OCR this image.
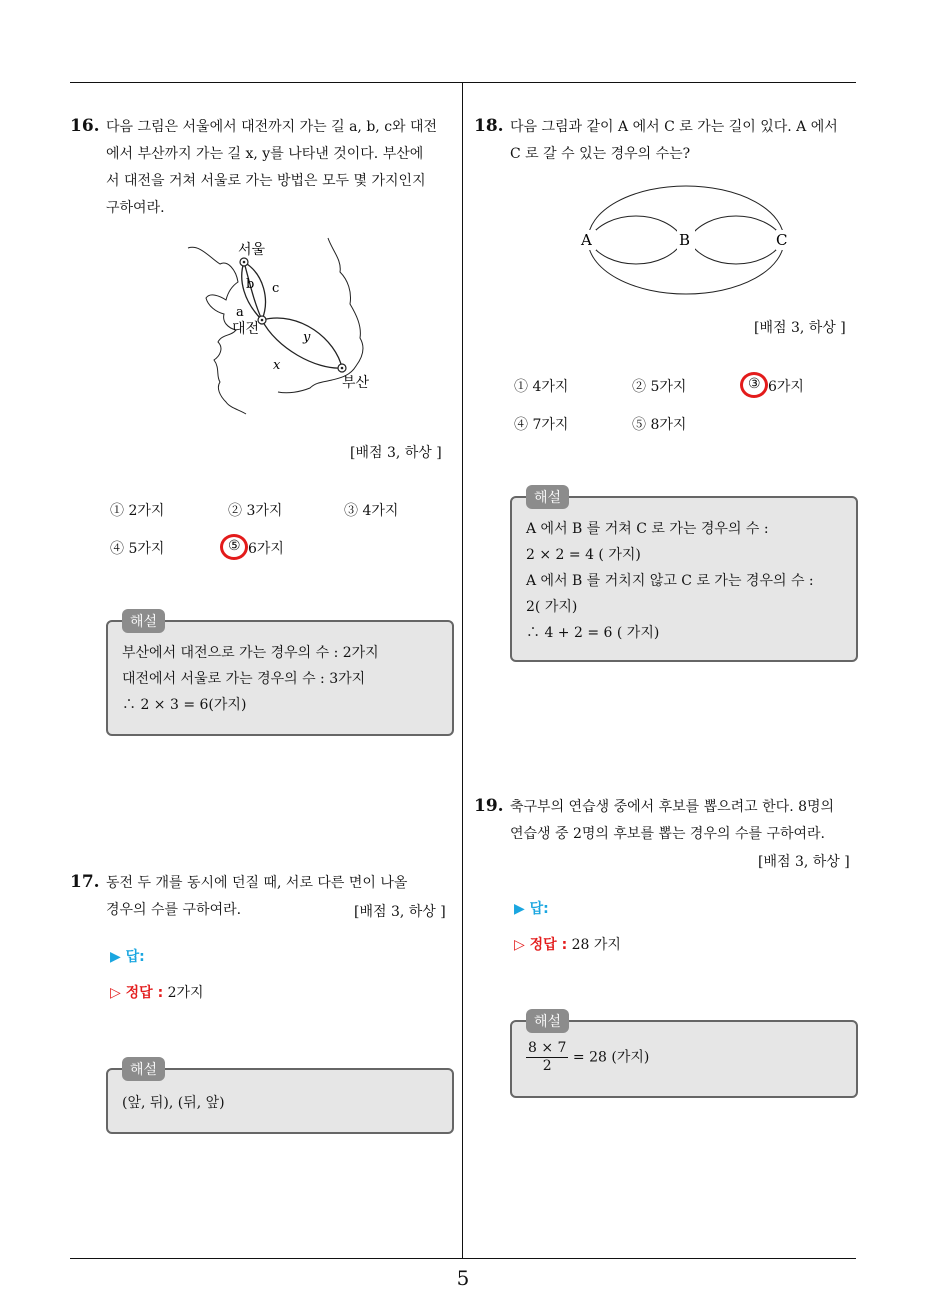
5
16. 다음 그림은 서울에서 대전까지 가는 길 a, b, c와 대전
에서 부산까지 가는 길 x, y를 나타낸 것이다. 부산에
서 대전을 거쳐 서울로 가는 방법은 모두 몇 가지인지
구하여라.
서울
대전
부산
a
b c
x
y
[배점 3, 하상 ]
① 2가지	② 3가지	③ 4가지
④ 5가지	⑤ 6가지
해설
부산에서 대전으로 가는 경우의 수 : 2가지
대전에서 서울로 가는 경우의 수 : 3가지
∴ 2 × 3 = 6(가지)
17. 동전 두 개를 동시에 던질 때, 서로 다른 면이 나올
경우의 수를 구하여라.	[배점 3, 하상 ]
▶ 답:
▷ 정답 : 2가지
해설
(앞, 뒤), (뒤, 앞)
18. 다음 그림과 같이 A 에서 C 로 가는 길이 있다. A 에서
C 로 갈 수 있는 경우의 수는?
A	B	C
[배점 3, 하상 ]
① 4가지	② 5가지	③ 6가지
④ 7가지	⑤ 8가지
해설
A 에서 B 를 거쳐 C 로 가는 경우의 수 :
2 × 2 = 4 ( 가지)
A 에서 B 를 거치지 않고 C 로 가는 경우의 수 :
2( 가지)
∴ 4 + 2 = 6 ( 가지)
19. 축구부의 연습생 중에서 후보를 뽑으려고 한다. 8명의
연습생 중 2명의 후보를 뽑는 경우의 수를 구하여라.
[배점 3, 하상 ]
▶ 답:
▷ 정답 : 28 가지
해설
$\frac{8 \times 7}{2} = 28$ (가지)
